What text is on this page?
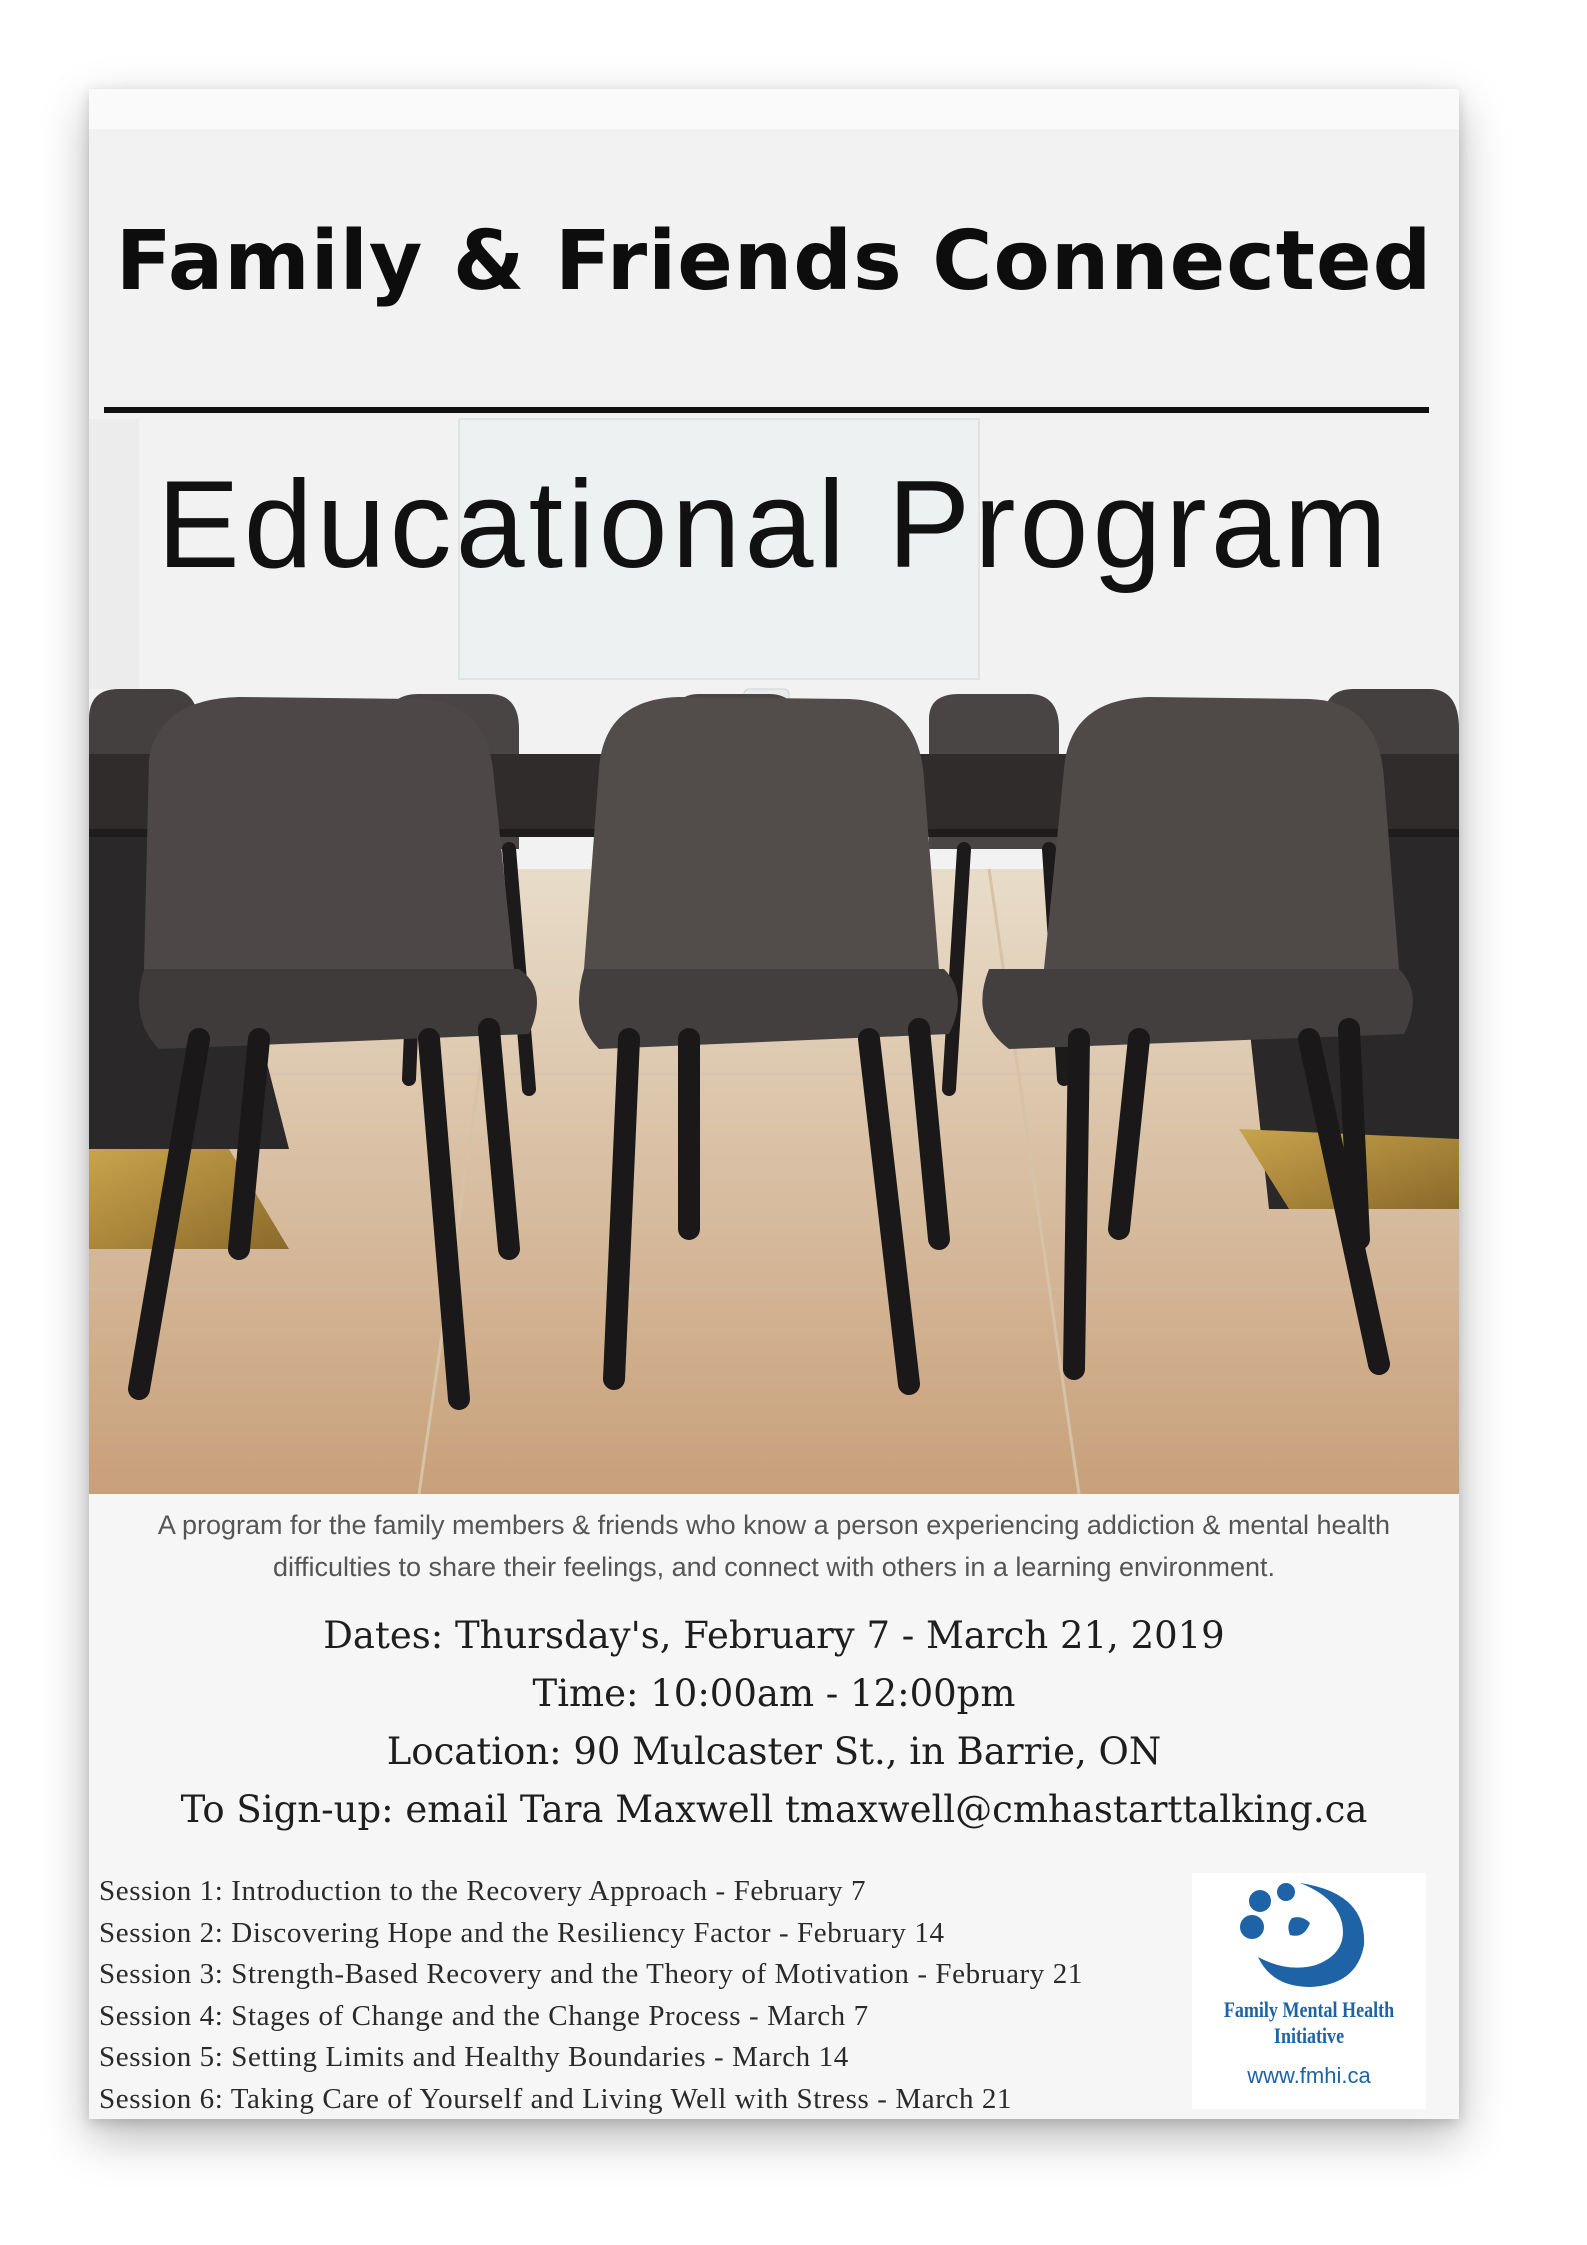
Family & Friends Connected
Educational Program
A program for the family members & friends who know a person experiencing addiction & mental health difficulties to share their feelings, and connect with others in a learning environment.
Dates: Thursday's, February 7 - March 21, 2019
Time: 10:00am - 12:00pm
Location: 90 Mulcaster St., in Barrie, ON
To Sign-up: email Tara Maxwell tmaxwell@cmhastarttalking.ca
Session 1: Introduction to the Recovery Approach - February 7
Session 2: Discovering Hope and the Resiliency Factor - February 14
Session 3: Strength-Based Recovery and the Theory of Motivation - February 21
Session 4: Stages of Change and the Change Process - March 7
Session 5: Setting Limits and Healthy Boundaries - March 14
Session 6: Taking Care of Yourself and Living Well with Stress - March 21
Family Mental Health Initiative
www.fmhi.ca
